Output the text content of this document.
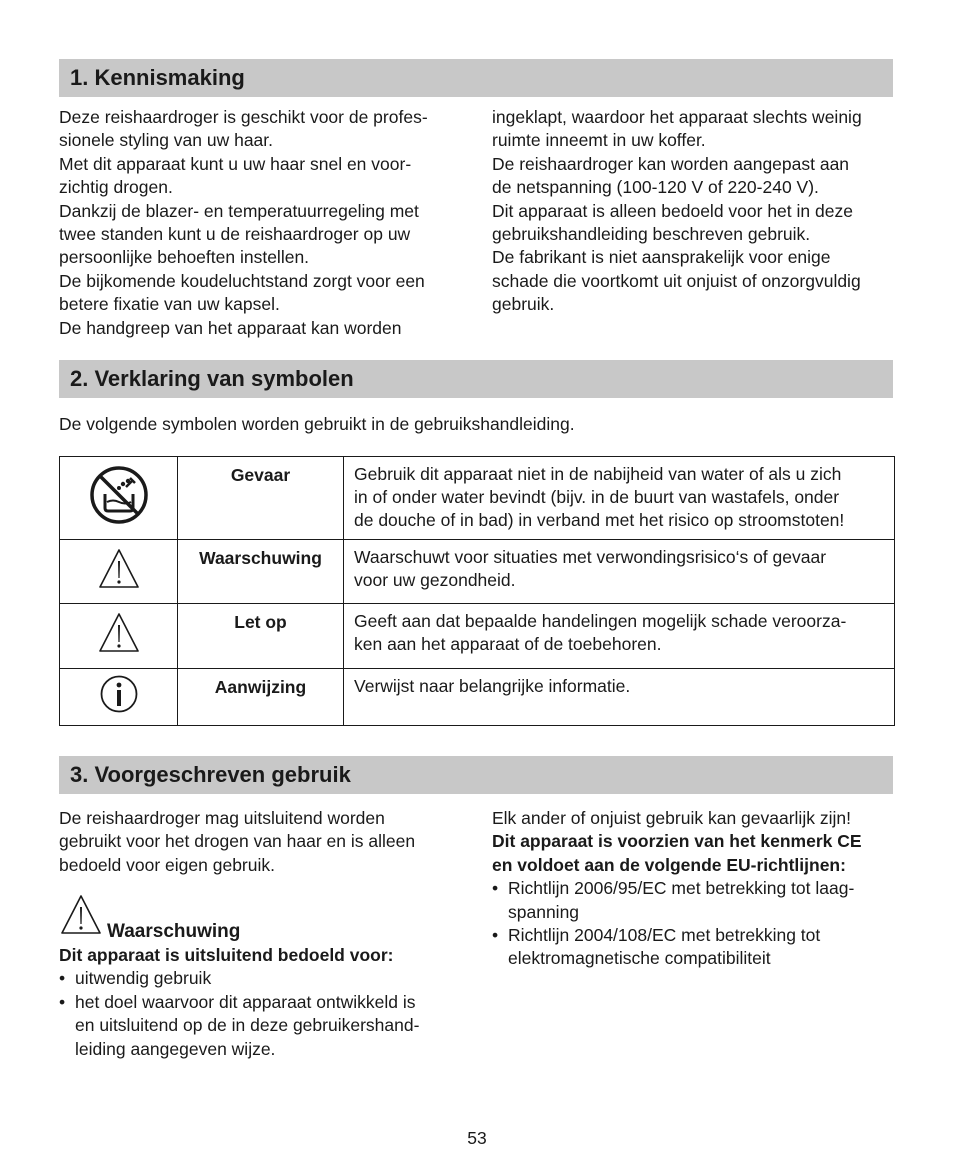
1. Kennismaking

Deze reishaardroger is geschikt voor de profes-

sionele styling van uw haar.

Met dit apparaat kunt u uw haar snel en voor-

zichtig drogen.

Dankzij de blazer- en temperatuurregeling met

twee standen kunt u de reishaardroger op uw

persoonlijke behoeften instellen.

De bijkomende koudeluchtstand zorgt voor een

betere fixatie van uw kapsel.

De handgreep van het apparaat kan worden

ingeklapt, waardoor het apparaat slechts weinig

ruimte inneemt in uw koffer.

De reishaardroger kan worden aangepast aan

de netspanning (100-120 V of 220-240 V).

Dit apparaat is alleen bedoeld voor het in deze

gebruikshandleiding beschreven gebruik.

De fabrikant is niet aansprakelijk voor enige

schade die voortkomt uit onjuist of onzorgvuldig

gebruik.

2. Verklaring van symbolen
De volgende symbolen worden gebruikt in de gebruikshandleiding.
	Gevaar	Gebruik dit apparaat niet in de nabijheid van water of als u zich
in of onder water bevindt (bijv. in de buurt van wastafels, onder
de douche of in bad) in verband met het risico op stroomstoten!

	Waarschuwing	Waarschuwt voor situaties met verwondingsrisico‘s of gevaar
voor uw gezondheid.

	Let op	Geeft aan dat bepaalde handelingen mogelijk schade veroorza-
ken aan het apparaat of de toebehoren.

	Aanwijzing	Verwijst naar belangrijke informatie.
3. Voorgeschreven gebruik

De reishaardroger mag uitsluitend worden

gebruikt voor het drogen van haar en is alleen

bedoeld voor eigen gebruik.

Waarschuwing
Dit apparaat is uitsluitend bedoeld voor:
• uitwendig gebruik
• het doel waarvoor dit apparaat ontwikkeld is
en uitsluitend op de in deze gebruikershand-
leiding aangegeven wijze.

Elk ander of onjuist gebruik kan gevaarlijk zijn!

Dit apparaat is voorzien van het kenmerk CE

en voldoet aan de volgende EU-richtlijnen:

• Richtlijn 2006/95/EC met betrekking tot laag-
spanning
• Richtlijn 2004/108/EC met betrekking tot
elektromagnetische compatibiliteit
53
